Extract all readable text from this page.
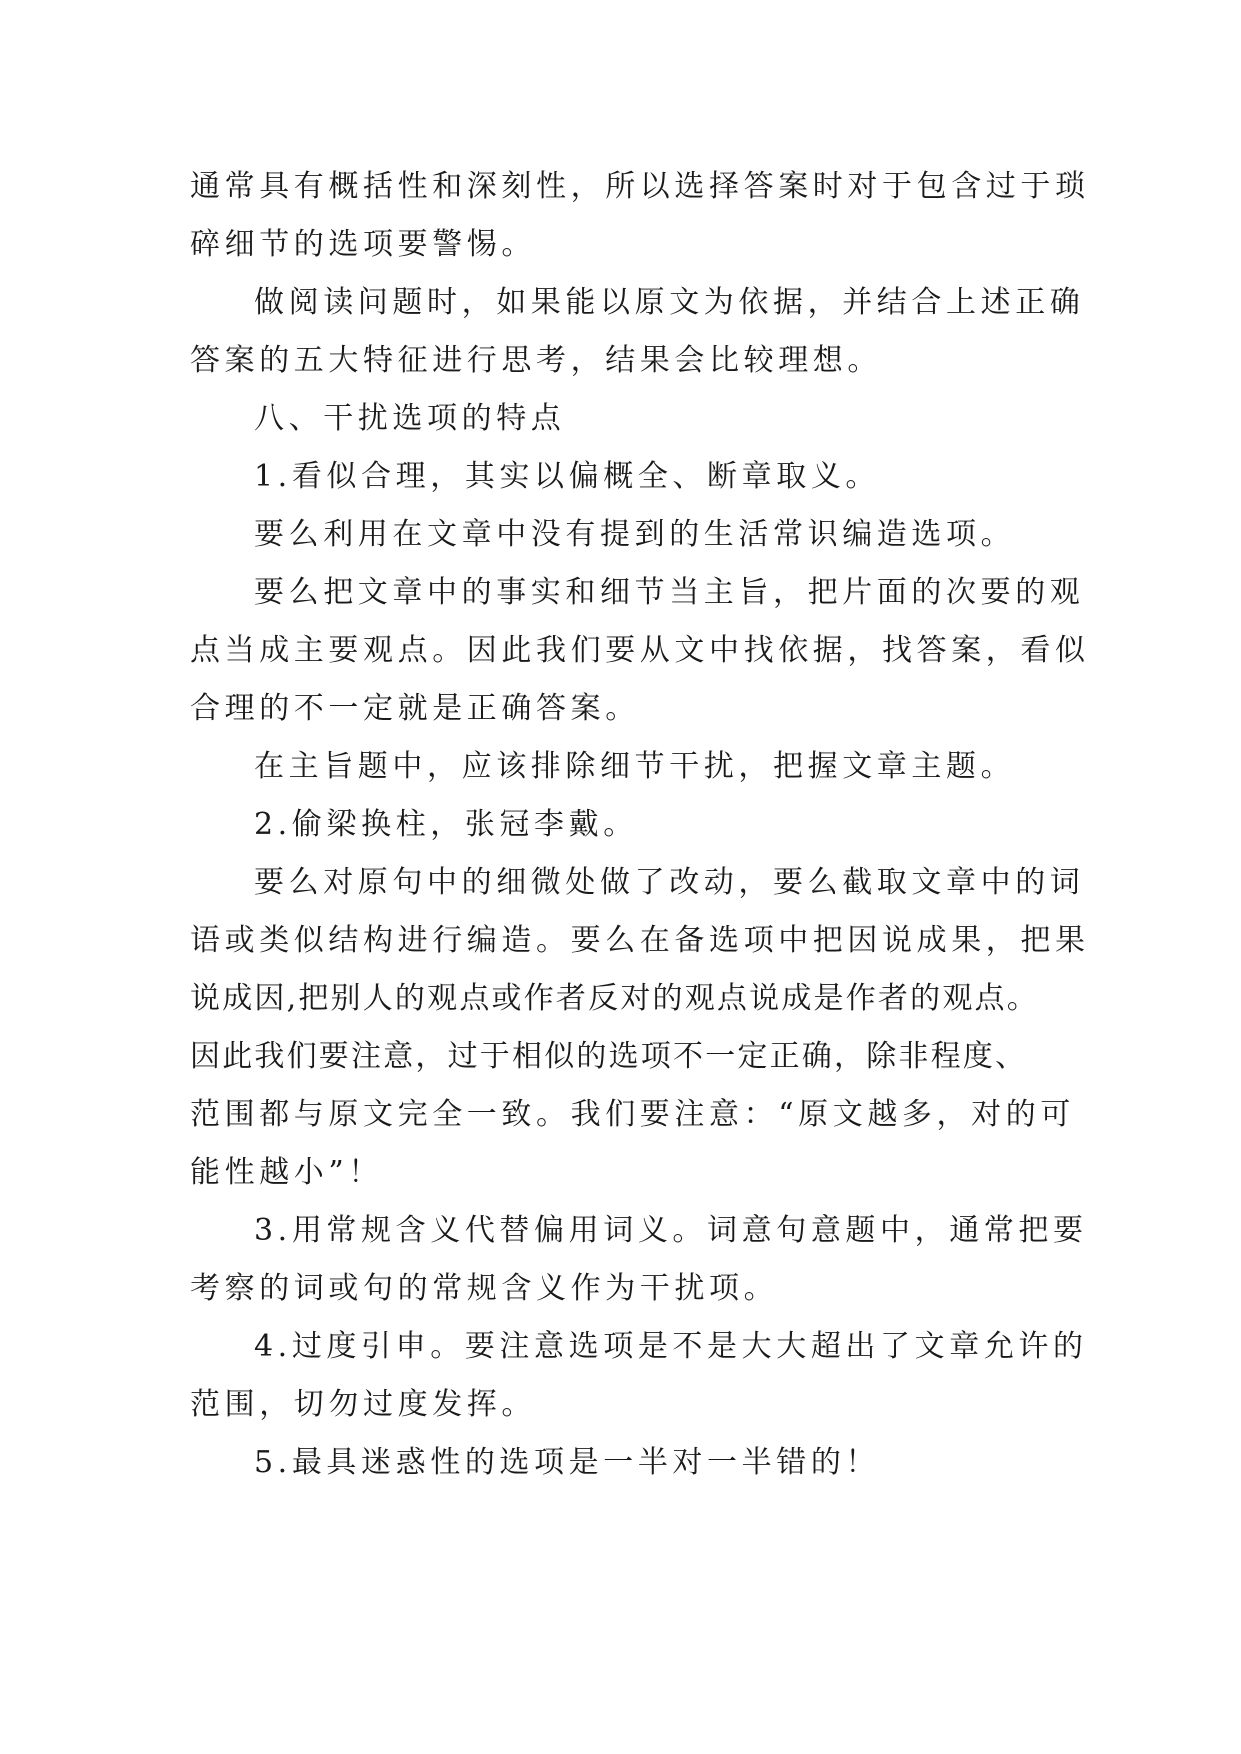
通常具有概括性和深刻性，所以选择答案时对于包含过于琐
碎细节的选项要警惕。
做阅读问题时，如果能以原文为依据，并结合上述正确
答案的五大特征进行思考，结果会比较理想。
八、干扰选项的特点
1.看似合理，其实以偏概全、断章取义。
要么利用在文章中没有提到的生活常识编造选项。
要么把文章中的事实和细节当主旨，把片面的次要的观
点当成主要观点。因此我们要从文中找依据，找答案，看似
合理的不一定就是正确答案。
在主旨题中，应该排除细节干扰，把握文章主题。
2.偷梁换柱，张冠李戴。
要么对原句中的细微处做了改动，要么截取文章中的词
语或类似结构进行编造。要么在备选项中把因说成果，把果
说成因,把别人的观点或作者反对的观点说成是作者的观点。
因此我们要注意，过于相似的选项不一定正确，除非程度、
范围都与原文完全一致。我们要注意：“原文越多，对的可
能性越小”！
3.用常规含义代替偏用词义。词意句意题中，通常把要
考察的词或句的常规含义作为干扰项。
4.过度引申。要注意选项是不是大大超出了文章允许的
范围，切勿过度发挥。
5.最具迷惑性的选项是一半对一半错的！
